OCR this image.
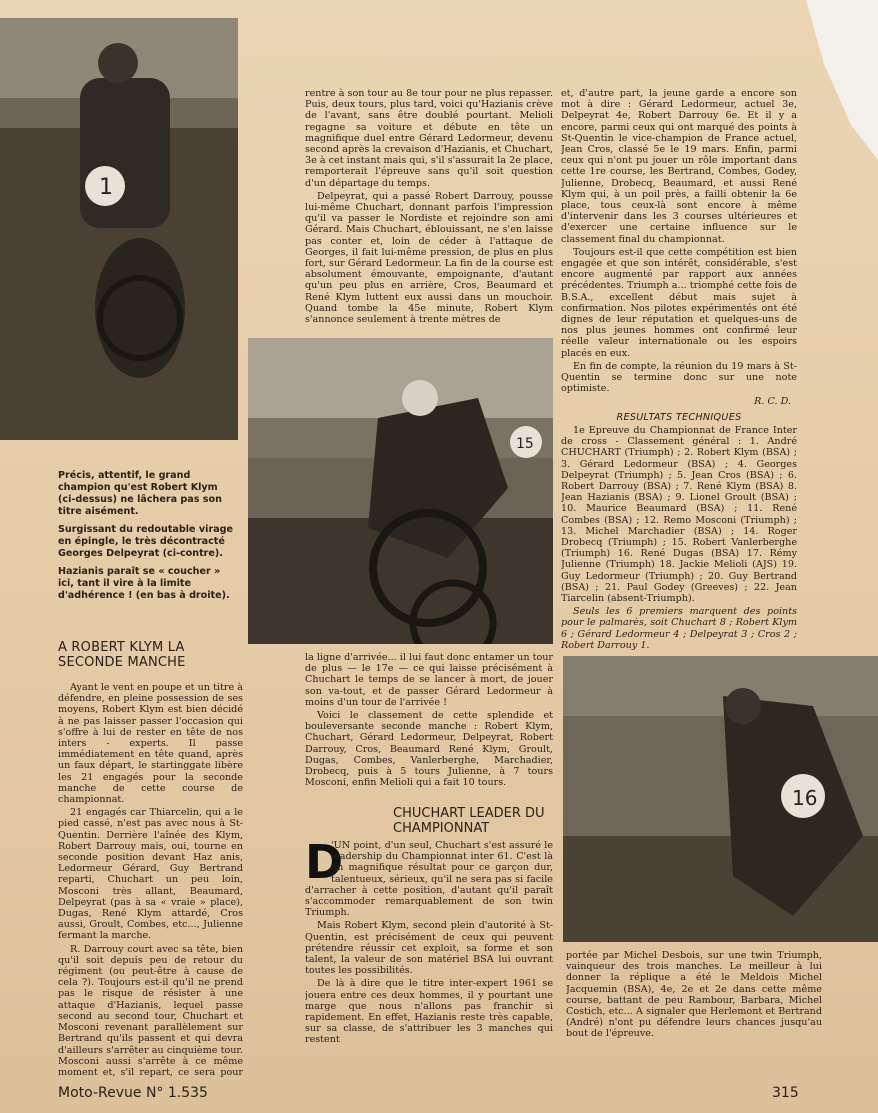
1
15
16

Précis, attentif, le grand champion qu'est Robert Klym (ci-dessus) ne lâchera pas son titre aisément.

Surgissant du redoutable virage en épingle, le très décontracté Georges Delpeyrat (ci-contre).

Hazianis paraît se « coucher » ici, tant il vire à la limite d'adhérence ! (en bas à droite).

A ROBERT KLYM LA SECONDE MANCHE

Ayant le vent en poupe et un titre à défendre, en pleine possession de ses moyens, Robert Klym est bien décidé à ne pas laisser passer l'occasion qui s'offre à lui de rester en tête de nos inters - experts. Il passe immédiatement en tête quand, après un faux départ, le startinggate libère les 21 engagés pour la seconde manche de cette course de championnat.

21 engagés car Thiarcelin, qui a le pied cassé, n'est pas avec nous à St-Quentin. Derrière l'aînée des Klym, Robert Darrouy mais, oui, tourne en seconde position devant Haz anis, Ledormeur Gérard, Guy Bertrand reparti, Chuchart un peu loin, Mosconi très allant, Beaumard, Delpeyrat (pas à sa « vraie » place), Dugas, René Klym attardé, Cros aussi, Groult, Combes, etc..., Julienne fermant la marche.

R. Darrouy court avec sa tête, bien qu'il soit depuis peu de retour du régiment (ou peut-être à cause de cela ?). Toujours est-il qu'il ne prend pas le risque de résister à une attaque d'Hazianis, lequel passe second au second tour, Chuchart et Mosconi revenant parallèlement sur Bertrand qu'ils passent et qui devra d'ailleurs s'arrêter au cinquième tour. Mosconi aussi s'arrête à ce même moment et, s'il repart, ce sera pour

rentre à son tour au 8e tour pour ne plus repasser. Puis, deux tours, plus tard, voici qu'Hazianis crève de l'avant, sans être doublé pourtant. Melioli regagne sa voiture et débute en tête un magnifique duel entre Gérard Ledormeur, devenu second après la crevaison d'Hazianis, et Chuchart, 3e à cet instant mais qui, s'il s'assurait la 2e place, remporterait l'épreuve sans qu'il soit question d'un départage du temps.

Delpeyrat, qui a passé Robert Darrouy, pousse lui-même Chuchart, donnant parfois l'impression qu'il va passer le Nordiste et rejoindre son ami Gérard. Mais Chuchart, éblouissant, ne s'en laisse pas conter et, loin de céder à l'attaque de Georges, il fait lui-même pression, de plus en plus fort, sur Gérard Ledormeur. La fin de la course est absolument émouvante, empoignante, d'autant qu'un peu plus en arrière, Cros, Beaumard et René Klym luttent eux aussi dans un mouchoir. Quand tombe la 45e minute, Robert Klym s'annonce seulement à trente mètres de

la ligne d'arrivée... il lui faut donc entamer un tour de plus — le 17e — ce qui laisse précisément à Chuchart le temps de se lancer à mort, de jouer son va-tout, et de passer Gérard Ledormeur à moins d'un tour de l'arrivée !

Voici le classement de cette splendide et bouleversante seconde manche : Robert Klym, Chuchart, Gérard Ledormeur, Delpeyrat, Robert Darrouy, Cros, Beaumard René Klym, Groult, Dugas, Combes, Vanlerberghe, Marchadier, Drobecq, puis à 5 tours Julienne, à 7 tours Mosconi, enfin Melioli qui a fait 10 tours.

CHUCHART LEADER DU CHAMPIONNAT
D

'UN point, d'un seul, Chuchart s'est assuré le leadership du Championnat inter 61. C'est là un magnifique résultat pour ce garçon dur, talentueux, sérieux, qu'il ne sera pas si facile d'arracher à cette position, d'autant qu'il paraît s'accommoder remarquablement de son twin Triumph.

Mais Robert Klym, second plein d'autorité à St-Quentin, est précisément de ceux qui peuvent prétendre réussir cet exploit, sa forme et son talent, la valeur de son matériel BSA lui ouvrant toutes les possibilités.

De là à dire que le titre inter-expert 1961 se jouera entre ces deux hommes, il y pourtant une marge que nous n'allons pas franchir si rapidement. En effet, Hazianis reste très capable, sur sa classe, de s'attribuer les 3 manches qui restent

et, d'autre part, la jeune garde a encore son mot à dire : Gérard Ledormeur, actuel 3e, Delpeyrat 4e, Robert Darrouy 6e. Et il y a encore, parmi ceux qui ont marqué des points à St-Quentin le vice-champion de France actuel, Jean Cros, classé 5e le 19 mars. Enfin, parmi ceux qui n'ont pu jouer un rôle important dans cette 1re course, les Bertrand, Combes, Godey, Julienne, Drobecq, Beaumard, et aussi René Klym qui, à un poil près, a failli obtenir la 6e place, tous ceux-là sont encore à même d'intervenir dans les 3 courses ultérieures et d'exercer une certaine influence sur le classement final du championnat.

Toujours est-il que cette compétition est bien engagée et que son intérêt, considérable, s'est encore augmenté par rapport aux années précédentes. Triumph a... triomphé cette fois de B.S.A., excellent début mais sujet à confirmation. Nos pilotes expérimentés ont été dignes de leur réputation et quelques-uns de nos plus jeunes hommes ont confirmé leur réelle valeur internationale ou les espoirs placés en eux.

En fin de compte, la réunion du 19 mars à St-Quentin se termine donc sur une note optimiste.

R. C. D.
RESULTATS TECHNIQUES

1e Epreuve du Championnat de France Inter de cross - Classement général : 1. André CHUCHART (Triumph) ; 2. Robert Klym (BSA) ; 3. Gérard Ledormeur (BSA) ; 4. Georges Delpeyrat (Triumph) ; 5. Jean Cros (BSA) ; 6. Robert Darrouy (BSA) ; 7. René Klym (BSA) 8. Jean Hazianis (BSA) ; 9. Lionel Groult (BSA) ; 10. Maurice Beaumard (BSA) ; 11. René Combes (BSA) ; 12. Remo Mosconi (Triumph) ; 13. Michel Marchadier (BSA) ; 14. Roger Drobecq (Triumph) ; 15. Robert Vanlerberghe (Triumph) 16. René Dugas (BSA) 17. Rémy Julienne (Triumph) 18. Jackie Melioli (AJS) 19. Guy Ledormeur (Triumph) ; 20. Guy Bertrand (BSA) ; 21. Paul Godey (Greeves) ; 22. Jean Tiarcelin (absent-Triumph).

Seuls les 6 premiers marquent des points pour le palmarès, soit Chuchart 8 ; Robert Klym 6 ; Gérard Ledormeur 4 ; Delpeyrat 3 ; Cros 2 ; Robert Darrouy 1.

portée par Michel Desbois, sur une twin Triumph, vainqueur des trois manches. Le meilleur à lui donner la réplique a été le Meldois Michel Jacquemin (BSA), 4e, 2e et 2e dans cette même course, battant de peu Rambour, Barbara, Michel Costich, etc... A signaler que Herlemont et Bertrand (André) n'ont pu défendre leurs chances jusqu'au bout de l'épreuve.

Moto-Revue N° 1.535	315
